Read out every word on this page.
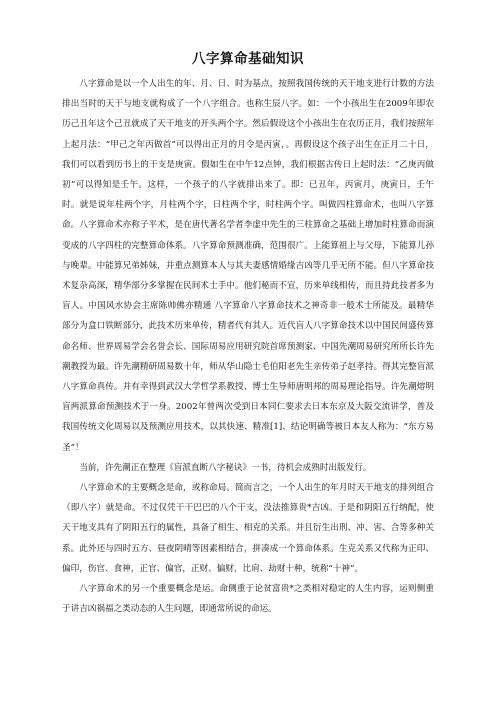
八字算命基础知识

八字算命是以一个人出生的年、月、日、时为基点，按照我国传统的天干地支进行计数的方法排出当时的天干与地支就构成了一个八字组合。也称生辰八字。如：一个小孩出生在2009年即农历己丑年这个己丑就成了天干地支的开头两个字。然后假设这个小孩出生在农历正月，我们按照年上起月法：“甲己之年丙做首”可以得出正月的月令是丙寅，。再假设这个孩子出生在正月二十日，我们可以看到历书上的干支是庚寅。假如生在中午12点钟，我们根据古传日上起时法：“乙庚丙做初”可以得知是壬午。这样，一个孩子的八字就排出来了。即：已丑年，丙寅月，庚寅日，壬午时。就是说年柱两个字，月柱两个字，日柱两个字，时柱两个字。叫做四柱算命术，也叫八字算命。八字算命术亦称子平术，是在唐代著名学者李虚中先生的三柱算命之基础上增加时柱算命而演变成的八字四柱的完整算命体系。八字算命预测准确，范围很广。上能算祖上与父母，下能算儿孙与晚辈。中能算兄弟姊妹，并重点测算本人与其夫妻感情婚缘吉凶等几乎无所不能。但八字算命技术复杂高深，精华部分多掌握在民间术士手中。他们秘而不宣，历来单线相传，而且持此技者多为盲人。中国风水协会主席陈帅佛亦精通 八字算命八字算命技术之神奇非一般术士所能及。最精华部分为盒口铁断部分，此技术历来单传，精者代有其人。近代盲人八字算命技术以中国民间盛传算命名师、世界周易学会名誉会长、国际周易应用研究院首席预测家、中国先潮周易研究所所长许先潮教授为最。许先潮精研周易数十年，师从华山隐士毛伯阳老先生亲传弟子赵孝持。得其完整盲派八字算命真传。并有幸得到武汉大学哲学系教授、博士生导师唐明邦的周易理论指导。许先潮熔明盲两派算命预测技术于一身。2002年曾两次受到日本同仁要求去日本东京及大阪交流讲学，普及我国传统文化周易以及预测应用技术，以其快速、精准[1]、结论明确等被日本友人称为：“东方易圣”！

当前，许先潮正在整理《盲派直断八字秘诀》一书，待机会成熟时出版发行。

八字算命术的主要概念是命，或称命局。简而言之，一个人出生的年月时天干地支的排列组合（即八字）就是命。不过仅凭干干巴巴的八个干支，没法推算贵*吉凶。于是和阴阳五行纳配，使天干地支具有了阴阳五行的属性，具备了相生、相克的关系。并且衍生出刑、冲、害、合等多种关系。此外还与四时五方、昼夜阴晴等因素相结合，拼凑成一个算命体系。生克关系又代称为正印、偏印，伤官、食神，正官、偏官，正财、偏财，比肩、劫财十种，统称“十神”。

八字算命术的另一个重要概念是运。命侧重于论贫富贵*之类相对稳定的人生内容，运则侧重于讲吉凶祸福之类动态的人生问题，即通常所说的命运。
